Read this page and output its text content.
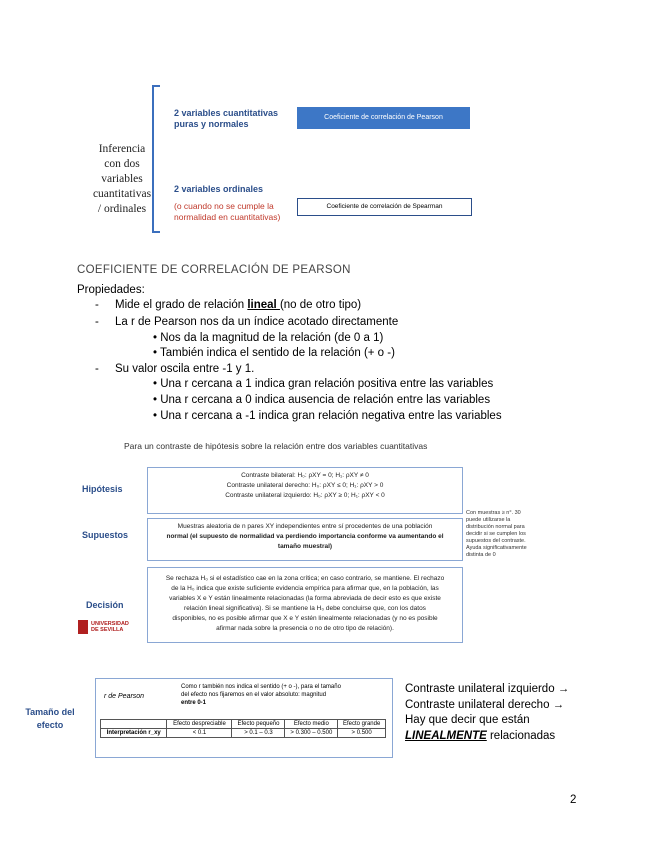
Inferencia
con dos
variables
cuantitativas
/ ordinales
2 variables cuantitativas
puras y normales
Coeficiente de correlación de Pearson
2 variables ordinales
(o cuando no se cumple la
normalidad en cuantitativas)
Coeficiente de correlación de Spearman
COEFICIENTE DE CORRELACIÓN DE PEARSON
Propiedades:
- Mide el grado de relación lineal (no de otro tipo)
- La r de Pearson nos da un índice acotado directamente
• Nos da la magnitud de la relación (de 0 a 1)
• También indica el sentido de la relación (+ o -)
- Su valor oscila entre -1 y 1.
• Una r cercana a 1 indica gran relación positiva entre las variables
• Una r cercana a 0 indica ausencia de relación entre las variables
• Una r cercana a -1 indica gran relación negativa entre las variables
Para un contraste de hipótesis sobre la relación entre dos variables cuantitativas
Hipótesis
Contraste bilateral: H₀: ρXY = 0; H₁: ρXY ≠ 0
Contraste unilateral derecho: H₀: ρXY ≤ 0; H₁: ρXY > 0
Contraste unilateral izquierdo: H₀: ρXY ≥ 0; H₁: ρXY < 0
Con muestras ≥ n°. 30 puede utilizarse la distribución normal para decidir si se cumplen los supuestos del contraste. Ayuda significativamente distinta de 0
Supuestos
Muestras aleatoria de n pares XY independientes entre sí procedentes de una población
normal (el supuesto de normalidad va perdiendo importancia conforme va aumentando el
tamaño muestral)
Decisión
Se rechaza H₀ si el estadístico cae en la zona crítica; en caso contrario, se mantiene. El rechazo
de la H₀ indica que existe suficiente evidencia empírica para afirmar que, en la población, las
variables X e Y están linealmente relacionadas (la forma abreviada de decir esto es que existe
relación lineal significativa). Si se mantiene la H₀ debe concluirse que, con los datos
disponibles, no es posible afirmar que X e Y estén linealmente relacionadas (y no es posible
afirmar nada sobre la presencia o no de otro tipo de relación).
UNIVERSIDAD
DE SEVILLA
Tamaño del
efecto
r de Pearson
Como r también nos indica el sentido (+ o -), para el tamaño
del efecto nos fijaremos en el valor absoluto: magnitud
entre 0-1
	Efecto despreciable	Efecto pequeño	Efecto medio	Efecto grande
Interpretación r_xy	< 0.1	> 0.1 – 0.3	> 0.300 – 0.500	> 0.500
Contraste unilateral izquierdo →
Contraste unilateral derecho →
Hay que decir que están
LINEALMENTE relacionadas
2
